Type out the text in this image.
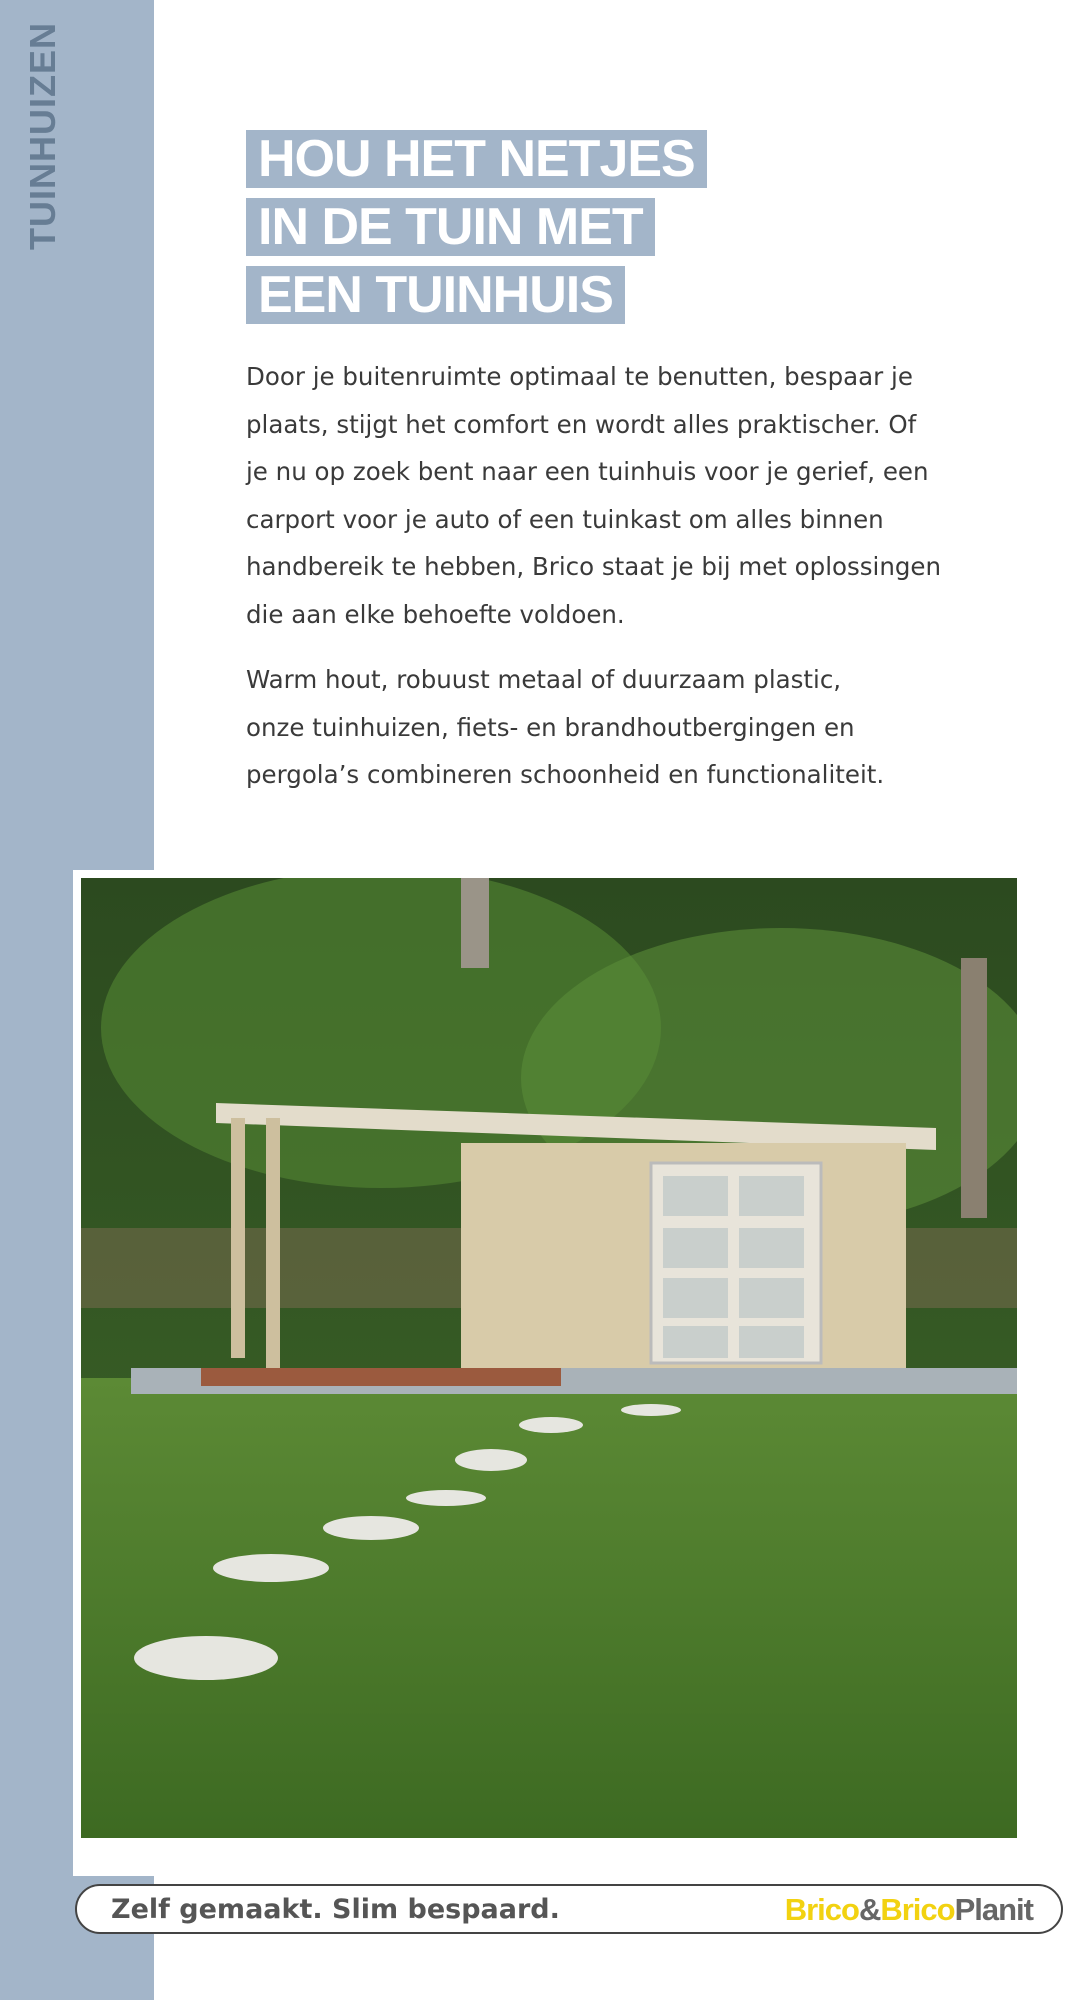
TUINHUIZEN	HOU HET NETJES
IN DE TUIN MET
EEN TUINHUIS
Door je buitenruimte optimaal te benutten, bespaar je
plaats, stijgt het comfort en wordt alles praktischer. Of
je nu op zoek bent naar een tuinhuis voor je gerief, een
carport voor je auto of een tuinkast om alles binnen
handbereik te hebben, Brico staat je bij met oplossingen
die aan elke behoefte voldoen.
Warm hout, robuust metaal of duurzaam plastic,
onze tuinhuizen, fiets- en brandhoutbergingen en
pergola’s combineren schoonheid en functionaliteit.
Zelf gemaakt. Slim bespaard.	Brico&BricoPlanit
